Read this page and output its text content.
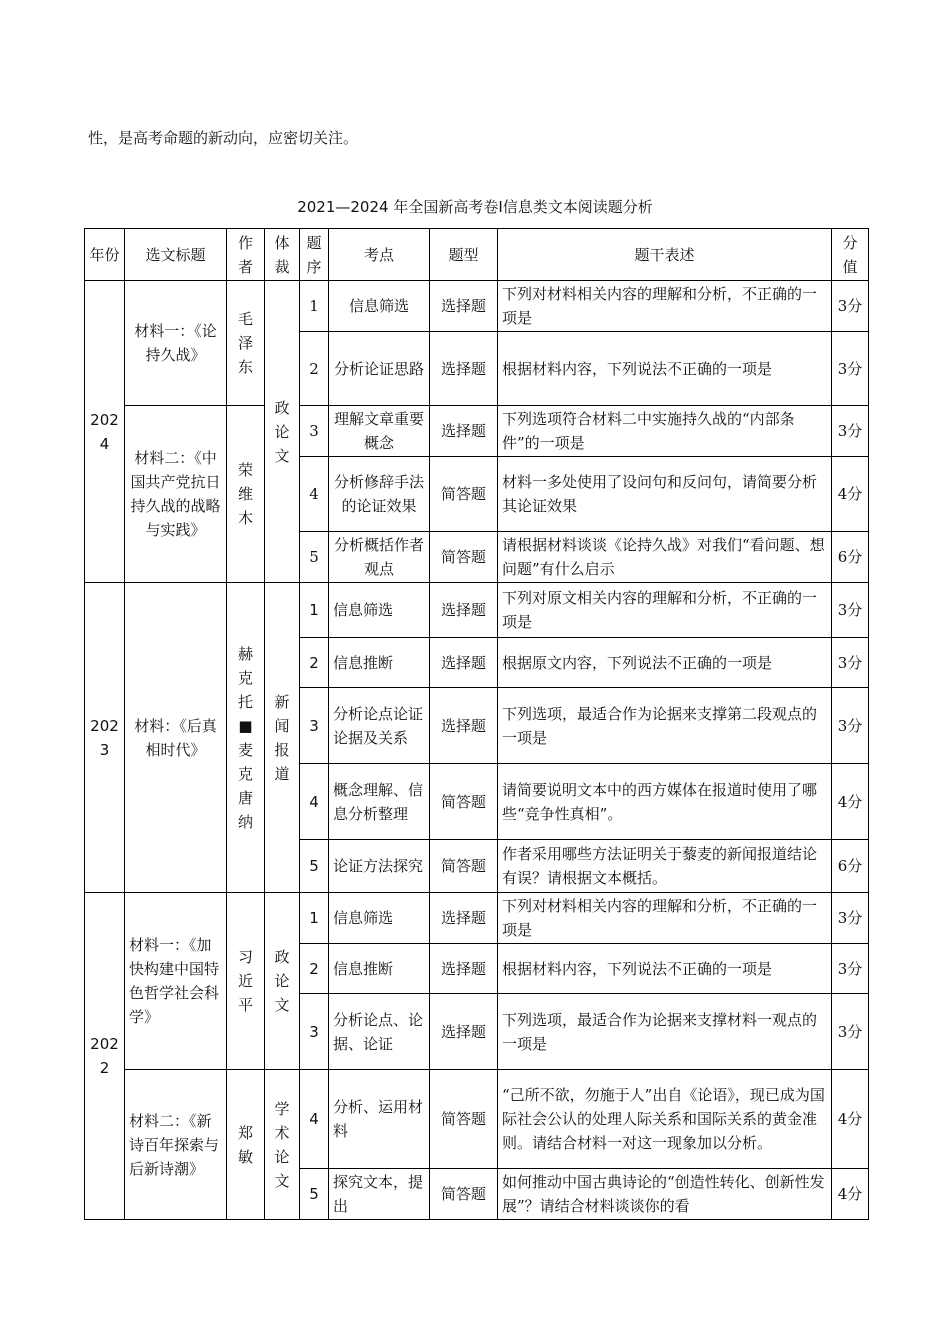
性，是高考命题的新动向，应密切关注。
2021—2024 年全国新高考卷Ⅰ信息类文本阅读题分析
年份	选文标题	作者	体裁	题序	考点	题型	题干表述	分值
2024	材料一：《论持久战》	毛泽东	政论文	1	信息筛选	选择题	下列对材料相关内容的理解和分析，不正确的一项是	3分
				2	分析论证思路	选择题	根据材料内容，下列说法不正确的一项是	3分
	材料二：《中国共产党抗日持久战的战略与实践》	荣维木		3	理解文章重要概念	选择题	下列选项符合材料二中实施持久战的“内部条件”的一项是	3分
				4	分析修辞手法的论证效果	简答题	材料一多处使用了设问句和反问句，请简要分析其论证效果	4分
				5	分析概括作者观点	简答题	请根据材料谈谈《论持久战》对我们“看问题、想问题”有什么启示	6分
2023	材料：《后真相时代》	赫克托■麦克唐纳	新闻报道	1	信息筛选	选择题	下列对原文相关内容的理解和分析，不正确的一项是	3分
				2	信息推断	选择题	根据原文内容，下列说法不正确的一项是	3分
				3	分析论点论证论据及关系	选择题	下列选项，最适合作为论据来支撑第二段观点的一项是	3分
				4	概念理解、信息分析整理	简答题	请简要说明文本中的西方媒体在报道时使用了哪些“竞争性真相”。	4分
				5	论证方法探究	简答题	作者采用哪些方法证明关于藜麦的新闻报道结论有误？请根据文本概括。	6分
2022	材料一：《加快构建中国特色哲学社会科学》	习近平	政论文	1	信息筛选	选择题	下列对材料相关内容的理解和分析，不正确的一项是	3分
				2	信息推断	选择题	根据材料内容，下列说法不正确的一项是	3分
				3	分析论点、论据、论证	选择题	下列选项，最适合作为论据来支撑材料一观点的一项是	3分
	材料二：《新诗百年探索与后新诗潮》	郑敏	学术论文	4	分析、运用材料	简答题	“己所不欲，勿施于人”出自《论语》，现已成为国际社会公认的处理人际关系和国际关系的黄金准则。请结合材料一对这一现象加以分析。	4分
				5	探究文本，提出	简答题	如何推动中国古典诗论的“创造性转化、创新性发展”？请结合材料谈谈你的看	4分
